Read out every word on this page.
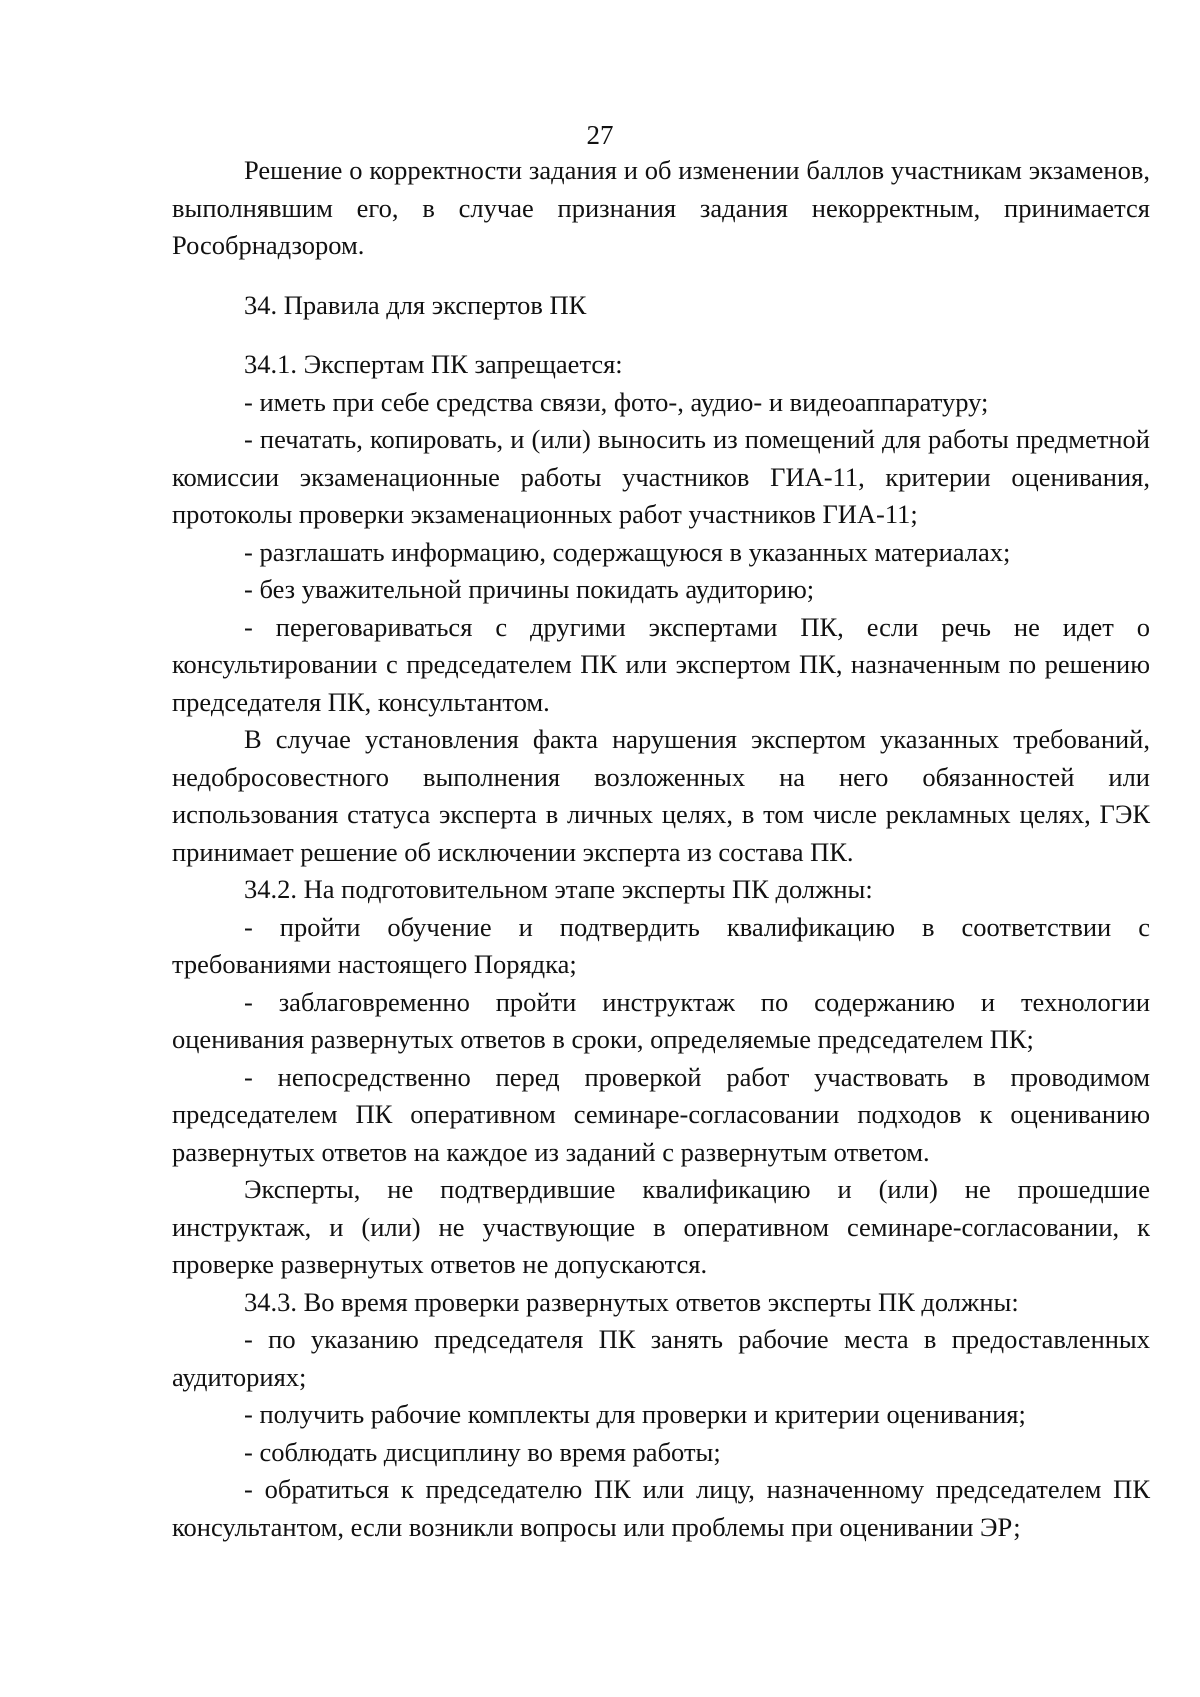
27

Решение о корректности задания и об изменении баллов участникам экзаменов, выполнявшим его, в случае признания задания некорректным, принимается Рособрнадзором.

34. Правила для экспертов ПК

34.1. Экспертам ПК запрещается:

- иметь при себе средства связи, фото-, аудио- и видеоаппаратуру;

- печатать, копировать, и (или) выносить из помещений для работы предметной комиссии экзаменационные работы участников ГИА-11, критерии оценивания, протоколы проверки экзаменационных работ участников ГИА-11;

- разглашать информацию, содержащуюся в указанных материалах;

- без уважительной причины покидать аудиторию;

- переговариваться с другими экспертами ПК, если речь не идет о консультировании с председателем ПК или экспертом ПК, назначенным по решению председателя ПК, консультантом.

В случае установления факта нарушения экспертом указанных требований, недобросовестного выполнения возложенных на него обязанностей или использования статуса эксперта в личных целях, в том числе рекламных целях, ГЭК принимает решение об исключении эксперта из состава ПК.

34.2. На подготовительном этапе эксперты ПК должны:

- пройти обучение и подтвердить квалификацию в соответствии с требованиями настоящего Порядка;

- заблаговременно пройти инструктаж по содержанию и технологии оценивания развернутых ответов в сроки, определяемые председателем ПК;

- непосредственно перед проверкой работ участвовать в проводимом председателем ПК оперативном семинаре-согласовании подходов к оцениванию развернутых ответов на каждое из заданий с развернутым ответом.

Эксперты, не подтвердившие квалификацию и (или) не прошедшие инструктаж, и (или) не участвующие в оперативном семинаре-согласовании, к проверке развернутых ответов не допускаются.

34.3. Во время проверки развернутых ответов эксперты ПК должны:

- по указанию председателя ПК занять рабочие места в предоставленных аудиториях;

- получить рабочие комплекты для проверки и критерии оценивания;

- соблюдать дисциплину во время работы;

- обратиться к председателю ПК или лицу, назначенному председателем ПК консультантом, если возникли вопросы или проблемы при оценивании ЭР;
